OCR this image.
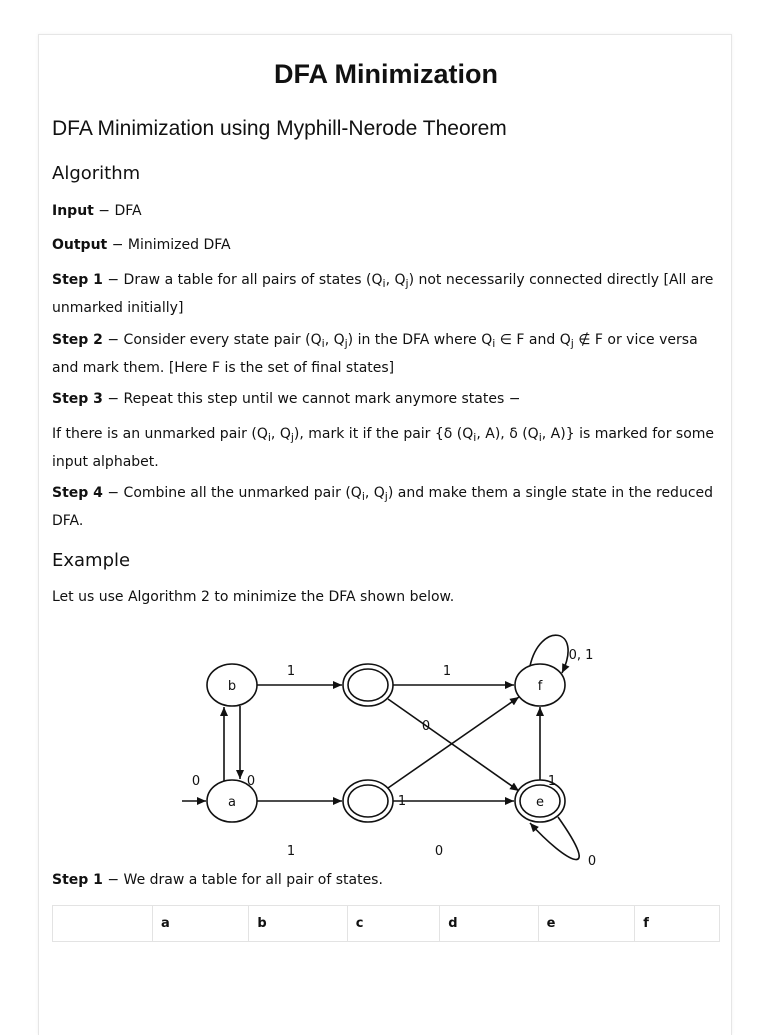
DFA Minimization
DFA Minimization using Myphill-Nerode Theorem
Algorithm

Input − DFA

Output − Minimized DFA

Step 1 − Draw a table for all pairs of states ($Q_i$, $Q_j$) not necessarily connected directly [All are unmarked initially]

Step 2 − Consider every state pair ($Q_i$, $Q_j$) in the DFA where $Q_i$ ∈ F and $Q_j$ ∉ F or vice versa and mark them. [Here F is the set of final states]

Step 3 − Repeat this step until we cannot mark anymore states −

If there is an unmarked pair ($Q_i$, $Q_j$), mark it if the pair {δ ($Q_i$, A), δ ($Q_i$, A)} is marked for some input alphabet.

Step 4 − Combine all the unmarked pair ($Q_i$, $Q_j$) and make them a single state in the reduced DFA.

Example

Let us use Algorithm 2 to minimize the DFA shown below.

b	f
a	e
1	1
0, 1
0
0	0	1
1
1	0
0

Step 1 − We draw a table for all pair of states.

	a	b	c	d	e	f
